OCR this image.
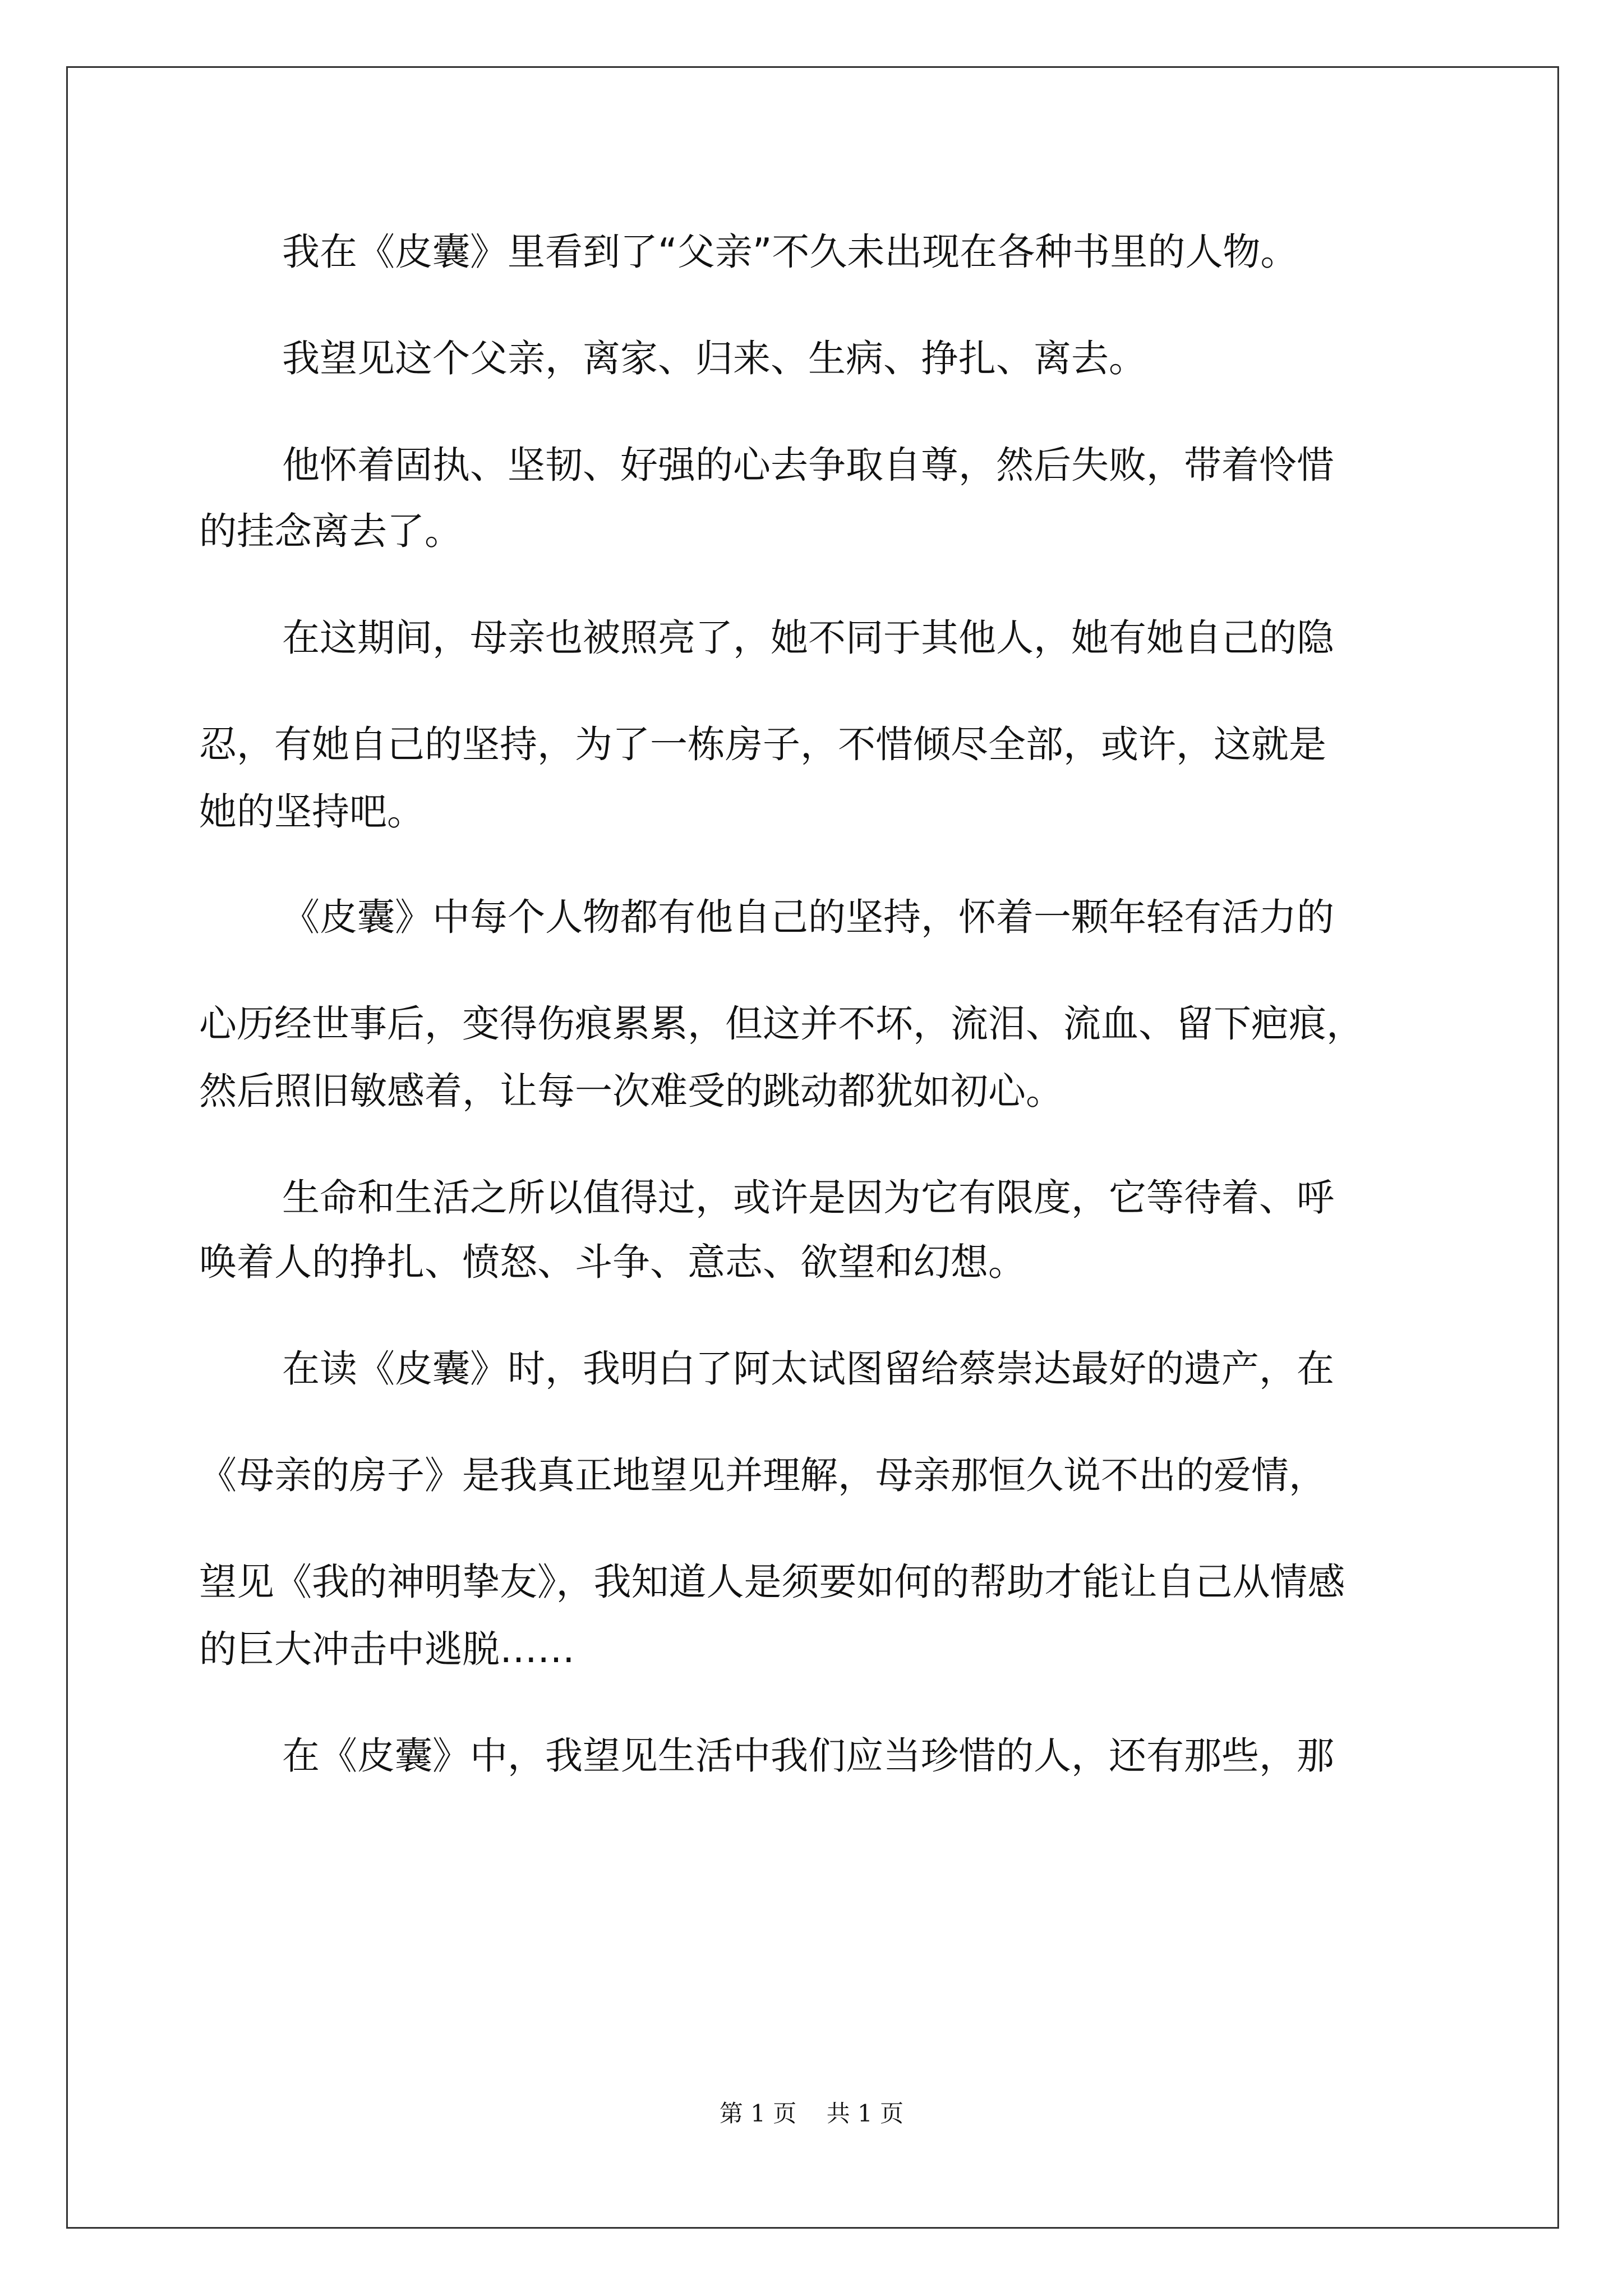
我在《皮囊》里看到了“父亲”不久未出现在各种书里的人物。
我望见这个父亲，离家、归来、生病、挣扎、离去。
他怀着固执、坚韧、好强的心去争取自尊，然后失败，带着怜惜
的挂念离去了。
在这期间，母亲也被照亮了，她不同于其他人，她有她自己的隐
忍，有她自己的坚持，为了一栋房子，不惜倾尽全部，或许，这就是
她的坚持吧。
《皮囊》中每个人物都有他自己的坚持，怀着一颗年轻有活力的
心历经世事后，变得伤痕累累，但这并不坏，流泪、流血、留下疤痕，
然后照旧敏感着，让每一次难受的跳动都犹如初心。
生命和生活之所以值得过，或许是因为它有限度，它等待着、呼
唤着人的挣扎、愤怒、斗争、意志、欲望和幻想。
在读《皮囊》时，我明白了阿太试图留给蔡崇达最好的遗产，在
《母亲的房子》是我真正地望见并理解，母亲那恒久说不出的爱情，
望见《我的神明挚友》，我知道人是须要如何的帮助才能让自己从情感
的巨大冲击中逃脱……
在《皮囊》中，我望见生活中我们应当珍惜的人，还有那些，那
第 1 页    共 1 页
